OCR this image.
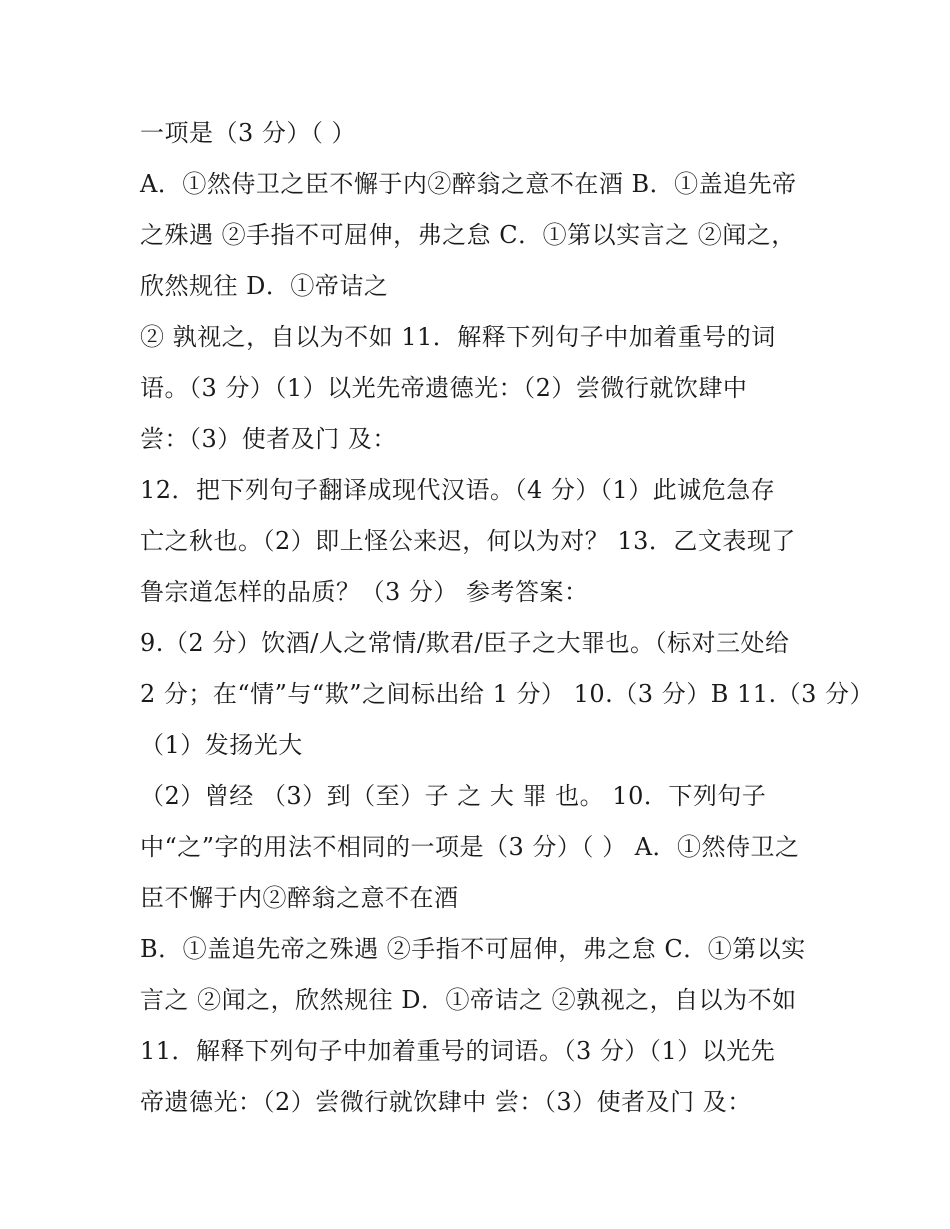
一项是（3 分）（ ）
A．①然侍卫之臣不懈于内②醉翁之意不在酒 B．①盖追先帝
之殊遇 ②手指不可屈伸，弗之怠 C．①第以实言之 ②闻之，
欣然规往 D．①帝诘之
② 孰视之，自以为不如 11．解释下列句子中加着重号的词
语。（3 分）（1）以光先帝遗德光：（2）尝微行就饮肆中
尝：（3）使者及门 及：
12．把下列句子翻译成现代汉语。（4 分）（1）此诚危急存
亡之秋也。（2）即上怪公来迟，何以为对？ 13．乙文表现了
鲁宗道怎样的品质？（3 分） 参考答案：
9.（2 分）饮酒/人之常情/欺君/臣子之大罪也。（标对三处给
2 分；在“情”与“欺”之间标出给 1 分） 10.（3 分）B 11.（3 分）
（1）发扬光大
（2）曾经 （3）到（至）子 之 大 罪 也。 10．下列句子
中“之”字的用法不相同的一项是（3 分）（ ） A．①然侍卫之
臣不懈于内②醉翁之意不在酒
B．①盖追先帝之殊遇 ②手指不可屈伸，弗之怠 C．①第以实
言之 ②闻之，欣然规往 D．①帝诘之 ②孰视之，自以为不如
11．解释下列句子中加着重号的词语。（3 分）（1）以光先
帝遗德光：（2）尝微行就饮肆中 尝：（3）使者及门 及：
